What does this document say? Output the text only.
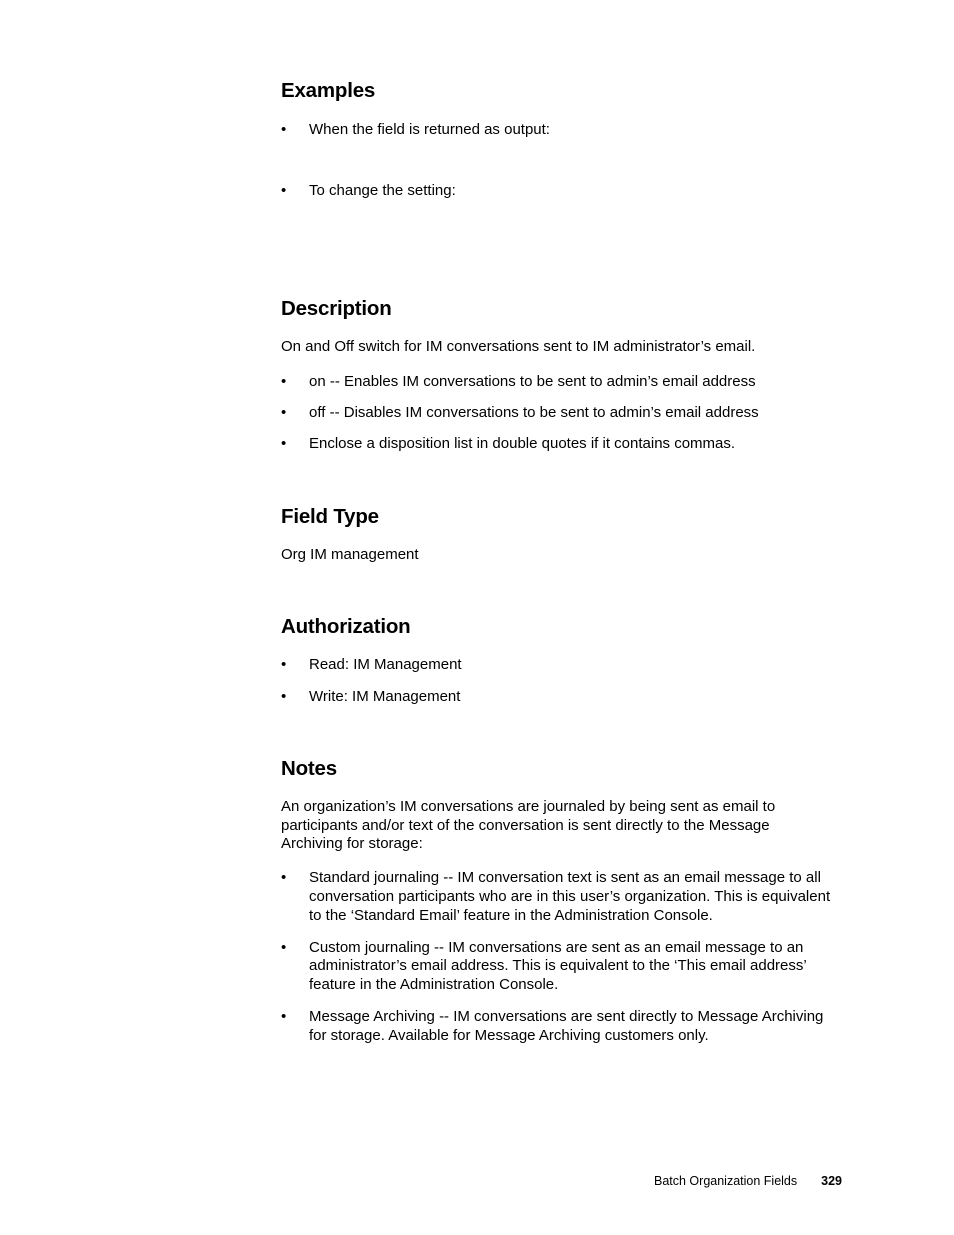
Examples
• When the field is returned as output:
• To change the setting:
Description

On and Off switch for IM conversations sent to IM administrator’s email.

• on -- Enables IM conversations to be sent to admin’s email address
• off -- Disables IM conversations to be sent to admin’s email address
• Enclose a disposition list in double quotes if it contains commas.
Field Type

Org IM management

Authorization
• Read: IM Management
• Write: IM Management
Notes

An organization’s IM conversations are journaled by being sent as email to participants and/or text of the conversation is sent directly to the Message Archiving for storage:

• Standard journaling -- IM conversation text is sent as an email message to all conversation participants who are in this user’s organization. This is equivalent to the ‘Standard Email’ feature in the Administration Console.
• Custom journaling -- IM conversations are sent as an email message to an administrator’s email address. This is equivalent to the ‘This email address’ feature in the Administration Console.
• Message Archiving -- IM conversations are sent directly to Message Archiving for storage. Available for Message Archiving customers only.
Batch Organization Fields 329
